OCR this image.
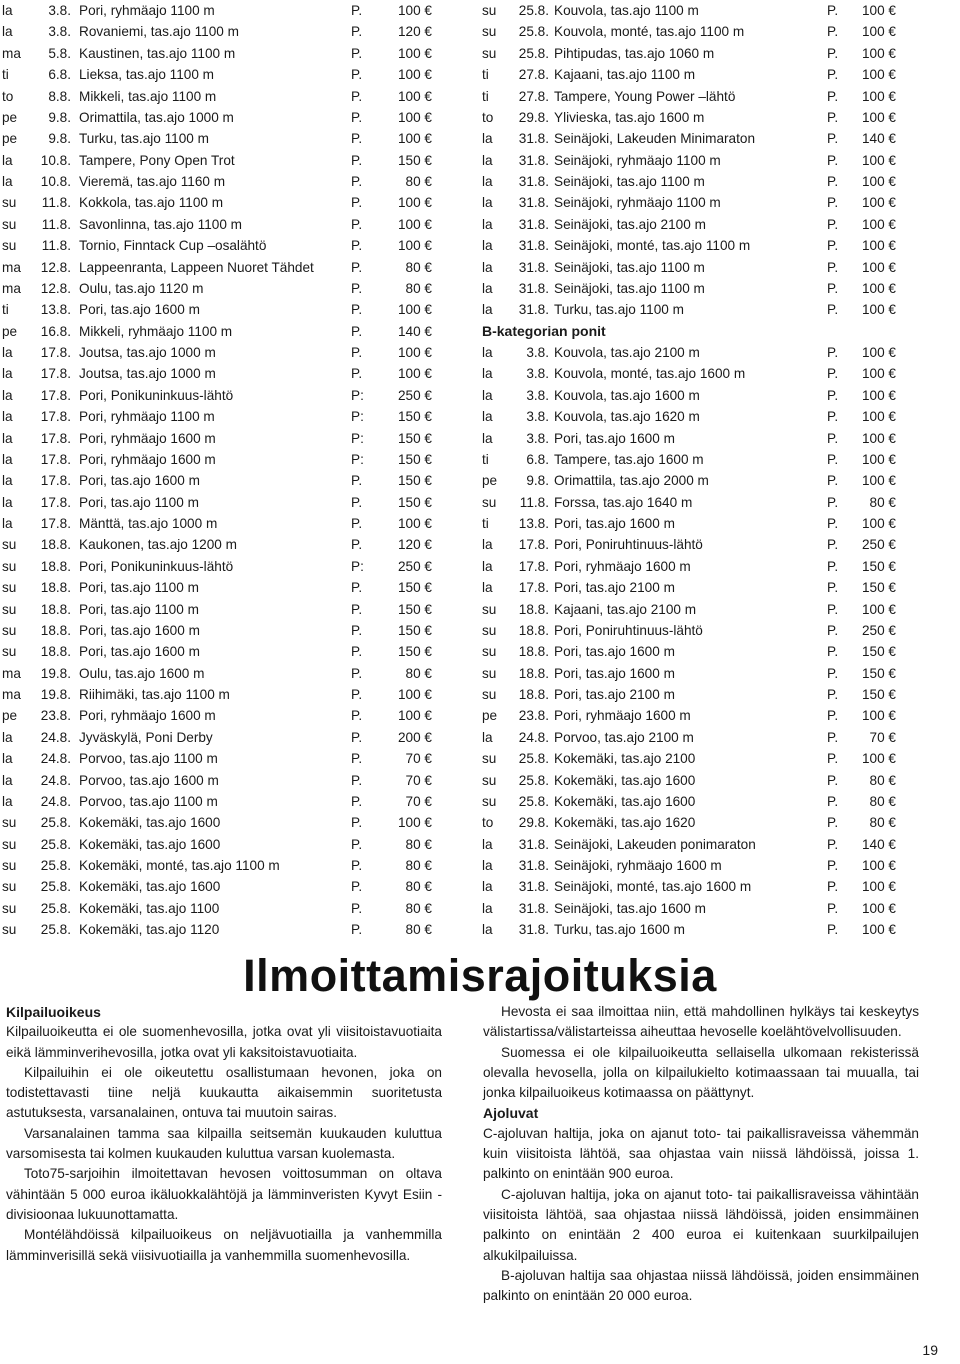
la	3.8. Pori, ryhmäajo 1100 m	P.	100 €
la	3.8. Rovaniemi, tas.ajo 1100 m	P.	120 €
ma	5.8. Kaustinen, tas.ajo 1100 m	P.	100 €
ti	6.8. Lieksa, tas.ajo 1100 m	P.	100 €
to	8.8. Mikkeli, tas.ajo 1100 m	P.	100 €
pe	9.8. Orimattila, tas.ajo 1000 m	P.	100 €
pe	9.8. Turku, tas.ajo 1100 m	P.	100 €
la	10.8. Tampere, Pony Open Trot	P.	150 €
la	10.8. Vieremä, tas.ajo 1160 m	P.	80 €
su	11.8. Kokkola, tas.ajo 1100 m	P.	100 €
su	11.8. Savonlinna, tas.ajo 1100 m	P.	100 €
su	11.8. Tornio, Finntack Cup –osalähtö	P.	100 €
ma	12.8. Lappeenranta, Lappeen Nuoret Tähdet	P.	80 €
ma	12.8. Oulu, tas.ajo 1120 m	P.	80 €
ti	13.8. Pori, tas.ajo 1600 m	P.	100 €
pe	16.8. Mikkeli, ryhmäajo 1100 m	P.	140 €
la	17.8. Joutsa, tas.ajo 1000 m	P.	100 €
la	17.8. Joutsa, tas.ajo 1000 m	P.	100 €
la	17.8. Pori, Ponikuninkuus-lähtö	P:	250 €
la	17.8. Pori, ryhmäajo 1100 m	P:	150 €
la	17.8. Pori, ryhmäajo 1600 m	P:	150 €
la	17.8. Pori, ryhmäajo 1600 m	P:	150 €
la	17.8. Pori, tas.ajo 1600 m	P.	150 €
la	17.8. Pori, tas.ajo 1100 m	P.	150 €
la	17.8. Mänttä, tas.ajo 1000 m	P.	100 €
su	18.8. Kaukonen, tas.ajo 1200 m	P.	120 €
su	18.8. Pori, Ponikuninkuus-lähtö	P:	250 €
su	18.8. Pori, tas.ajo 1100 m	P.	150 €
su	18.8. Pori, tas.ajo 1100 m	P.	150 €
su	18.8. Pori, tas.ajo 1600 m	P.	150 €
su	18.8. Pori, tas.ajo 1600 m	P.	150 €
ma	19.8. Oulu, tas.ajo 1600 m	P.	80 €
ma	19.8. Riihimäki, tas.ajo 1100 m	P.	100 €
pe	23.8. Pori, ryhmäajo 1600 m	P.	100 €
la	24.8. Jyväskylä, Poni Derby	P.	200 €
la	24.8. Porvoo, tas.ajo 1100 m	P.	70 €
la	24.8. Porvoo, tas.ajo 1600 m	P.	70 €
la	24.8. Porvoo, tas.ajo 1100 m	P.	70 €
su	25.8. Kokemäki, tas.ajo 1600	P.	100 €
su	25.8. Kokemäki, tas.ajo 1600	P.	80 €
su	25.8. Kokemäki, monté, tas.ajo 1100 m	P.	80 €
su	25.8. Kokemäki, tas.ajo 1600	P.	80 €
su	25.8. Kokemäki, tas.ajo 1100	P.	80 €
su	25.8. Kokemäki, tas.ajo 1120	P.	80 €
su	25.8. Kouvola, tas.ajo 1100 m	P.	100 €
su	25.8. Kouvola, monté, tas.ajo 1100 m	P.	100 €
su	25.8. Pihtipudas, tas.ajo 1060 m	P.	100 €
ti	27.8. Kajaani, tas.ajo 1100 m	P.	100 €
ti	27.8. Tampere, Young Power –lähtö	P.	100 €
to	29.8. Ylivieska, tas.ajo 1600 m	P.	100 €
la	31.8. Seinäjoki, Lakeuden Minimaraton	P.	140 €
la	31.8. Seinäjoki, ryhmäajo 1100 m	P.	100 €
la	31.8. Seinäjoki, tas.ajo 1100 m	P.	100 €
la	31.8. Seinäjoki, ryhmäajo 1100 m	P.	100 €
la	31.8. Seinäjoki, tas.ajo 2100 m	P.	100 €
la	31.8. Seinäjoki, monté, tas.ajo 1100 m	P.	100 €
la	31.8. Seinäjoki, tas.ajo 1100 m	P.	100 €
la	31.8. Seinäjoki, tas.ajo 1100 m	P.	100 €
la	31.8. Turku, tas.ajo 1100 m	P.	100 €
B-kategorian ponit
la	3.8. Kouvola, tas.ajo 2100 m	P.	100 €
la	3.8. Kouvola, monté, tas.ajo 1600 m	P.	100 €
la	3.8. Kouvola, tas.ajo 1600 m	P.	100 €
la	3.8. Kouvola, tas.ajo 1620 m	P.	100 €
la	3.8. Pori, tas.ajo 1600 m	P.	100 €
ti	6.8. Tampere, tas.ajo 1600 m	P.	100 €
pe	9.8. Orimattila, tas.ajo 2000 m	P.	100 €
su	11.8. Forssa, tas.ajo 1640 m	P.	80 €
ti	13.8. Pori, tas.ajo 1600 m	P.	100 €
la	17.8. Pori, Poniruhtinuus-lähtö	P.	250 €
la	17.8. Pori, ryhmäajo 1600 m	P.	150 €
la	17.8. Pori, tas.ajo 2100 m	P.	150 €
su	18.8. Kajaani, tas.ajo 2100 m	P.	100 €
su	18.8. Pori, Poniruhtinuus-lähtö	P.	250 €
su	18.8. Pori, tas.ajo 1600 m	P.	150 €
su	18.8. Pori, tas.ajo 1600 m	P.	150 €
su	18.8. Pori, tas.ajo 2100 m	P.	150 €
pe	23.8. Pori, ryhmäajo 1600 m	P.	100 €
la	24.8. Porvoo, tas.ajo 2100 m	P.	70 €
su	25.8. Kokemäki, tas.ajo 2100	P.	100 €
su	25.8. Kokemäki, tas.ajo 1600	P.	80 €
su	25.8. Kokemäki, tas.ajo 1600	P.	80 €
to	29.8. Kokemäki, tas.ajo 1620	P.	80 €
la	31.8. Seinäjoki, Lakeuden ponimaraton	P.	140 €
la	31.8. Seinäjoki, ryhmäajo 1600 m	P.	100 €
la	31.8. Seinäjoki, monté, tas.ajo 1600 m	P.	100 €
la	31.8. Seinäjoki, tas.ajo 1600 m	P.	100 €
la	31.8. Turku, tas.ajo 1600 m	P.	100 €
Ilmoittamisrajoituksia
Kilpailuoikeus

Kilpailuoikeutta ei ole suomenhevosilla, jotka ovat yli viisitoistavuotiaita eikä lämminverihevosilla, jotka ovat yli kaksitoistavuotiaita.

Kilpailuihin ei ole oikeutettu osallistumaan hevonen, joka on todistettavasti tiine neljä kuukautta aikaisemmin suoritetusta astutuksesta, varsanalainen, ontuva tai muutoin sairas.

Varsanalainen tamma saa kilpailla seitsemän kuukauden kuluttua varsomisesta tai kolmen kuukauden kuluttua varsan kuolemasta.

Toto75-sarjoihin ilmoitettavan hevosen voittosumman on oltava vähintään 5 000 euroa ikäluokkalähtöjä ja lämminveristen Kyvyt Esiin -divisioonaa lukuunottamatta.

Montélähdöissä kilpailuoikeus on neljävuotiailla ja vanhemmilla lämminverisillä sekä viisivuotiailla ja vanhemmilla suomenhevosilla.

Hevosta ei saa ilmoittaa niin, että mahdollinen hylkäys tai keskeytys välistartissa/välistarteissa aiheuttaa hevoselle koelähtövelvollisuuden.

Suomessa ei ole kilpailuoikeutta sellaisella ulkomaan rekisterissä olevalla hevosella, jolla on kilpailukielto kotimaassaan tai muualla, tai jonka kilpailuoikeus kotimaassa on päättynyt.

Ajoluvat

C-ajoluvan haltija, joka on ajanut toto- tai paikallisraveissa vähemmän kuin viisitoista lähtöä, saa ohjastaa vain niissä lähdöissä, joissa 1. palkinto on enintään 900 euroa.

C-ajoluvan haltija, joka on ajanut toto- tai paikallisraveissa vähintään viisitoista lähtöä, saa ohjastaa niissä lähdöissä, joiden ensimmäinen palkinto on enintään 2 400 euroa ei kuitenkaan suurkilpailujen alkukilpailuissa.

B-ajoluvan haltija saa ohjastaa niissä lähdöissä, joiden ensimmäinen palkinto on enintään 20 000 euroa.

19
